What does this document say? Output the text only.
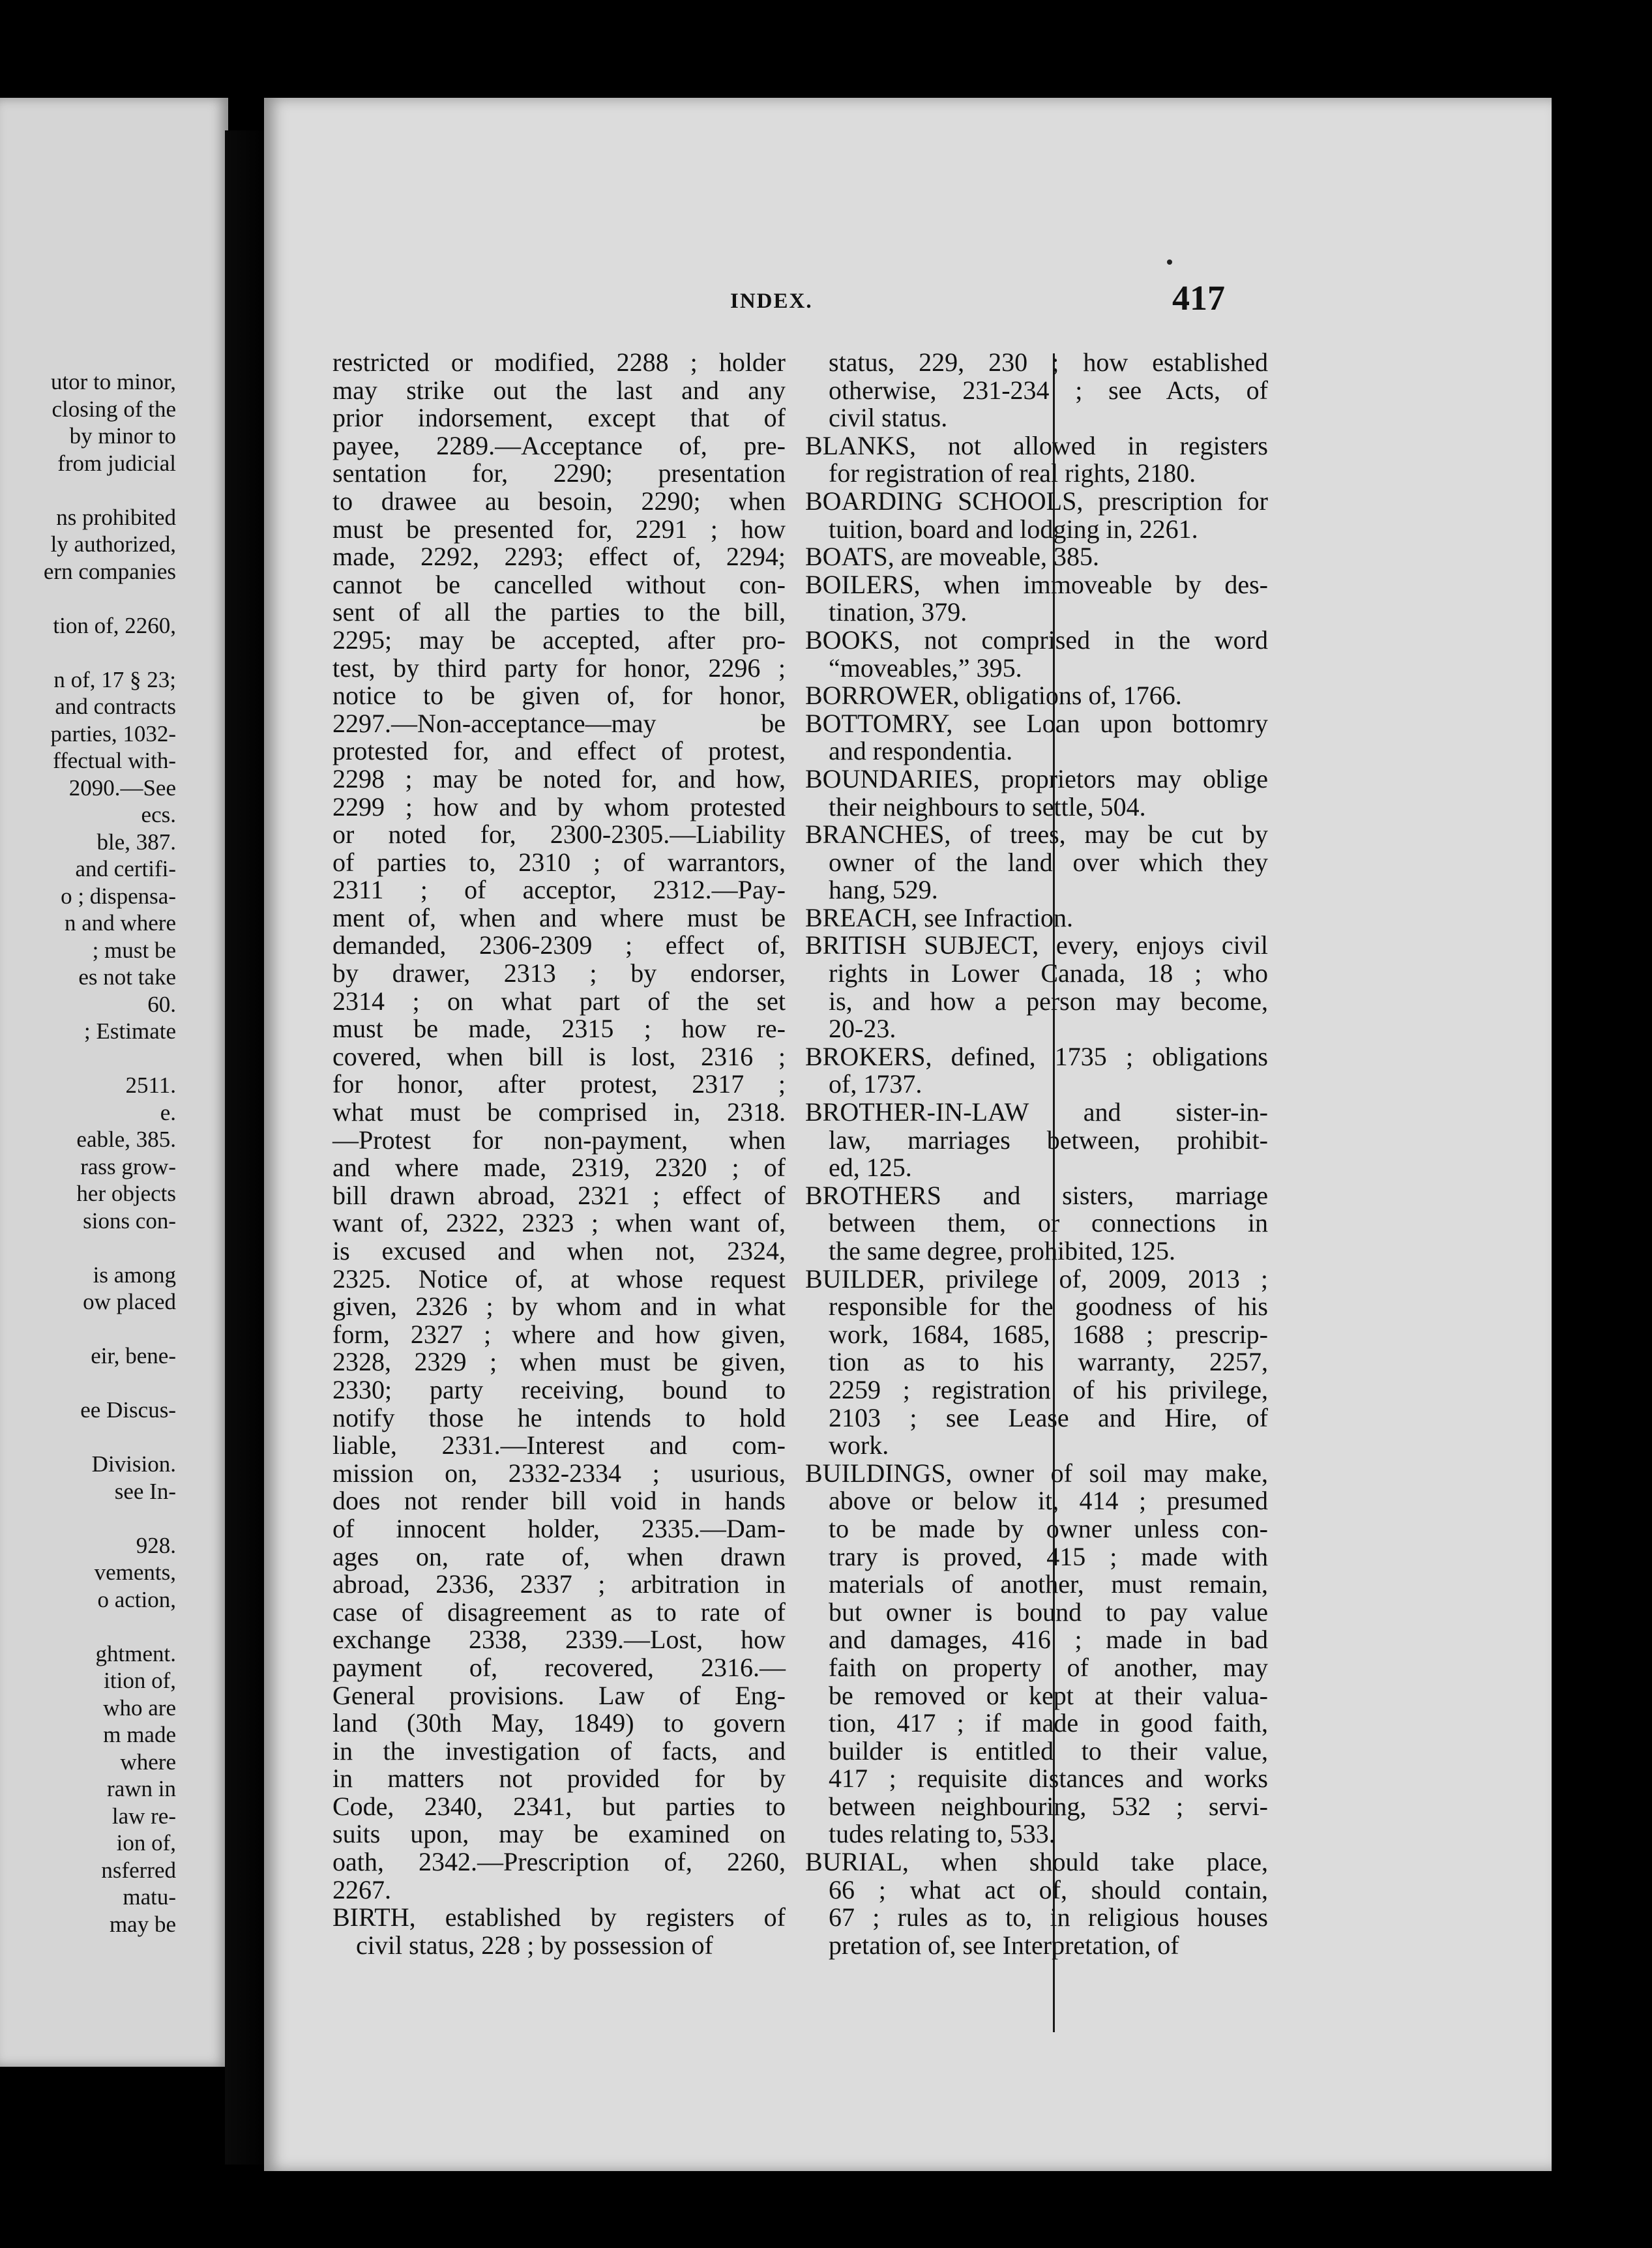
utor to minor,
closing of the
by minor to
from judicial
ns prohibited
ly authorized,
ern companies
tion of, 2260,
n of, 17 § 23;
and contracts
parties, 1032-
ffectual with-
2090.—See
ecs.
ble, 387.
and certifi-
o ; dispensa-
n and where
; must be
es not take
60.
; Estimate
2511.
e.
eable, 385.
rass grow-
her objects
sions con-
is among
ow placed
eir, bene-
ee Discus-
Division.
see In-
928.
vements,
o action,
ghtment.
ition of,
who are
m made
where
rawn in
law re-
ion of,
nsferred
matu-
may be
INDEX.	417
restricted or modified, 2288 ; holder
may strike out the last and any
prior indorsement, except that of
payee, 2289.—Acceptance of, pre-
sentation for, 2290; presentation
to drawee au besoin, 2290; when
must be presented for, 2291 ; how
made, 2292, 2293; effect of, 2294;
cannot be cancelled without con-
sent of all the parties to the bill,
2295; may be accepted, after pro-
test, by third party for honor, 2296 ;
notice to be given of, for honor,
2297.—Non-acceptance—may be
protested for, and effect of protest,
2298 ; may be noted for, and how,
2299 ; how and by whom protested
or noted for, 2300-2305.—Liability
of parties to, 2310 ; of warrantors,
2311 ; of acceptor, 2312.—Pay-
ment of, when and where must be
demanded, 2306-2309 ; effect of,
by drawer, 2313 ; by endorser,
2314 ; on what part of the set
must be made, 2315 ; how re-
covered, when bill is lost, 2316 ;
for honor, after protest, 2317 ;
what must be comprised in, 2318.
—Protest for non-payment, when
and where made, 2319, 2320 ; of
bill drawn abroad, 2321 ; effect of
want of, 2322, 2323 ; when want of,
is excused and when not, 2324,
2325. Notice of, at whose request
given, 2326 ; by whom and in what
form, 2327 ; where and how given,
2328, 2329 ; when must be given,
2330; party receiving, bound to
notify those he intends to hold
liable, 2331.—Interest and com-
mission on, 2332-2334 ; usurious,
does not render bill void in hands
of innocent holder, 2335.—Dam-
ages on, rate of, when drawn
abroad, 2336, 2337 ; arbitration in
case of disagreement as to rate of
exchange 2338, 2339.—Lost, how
payment of, recovered, 2316.—
General provisions. Law of Eng-
land (30th May, 1849) to govern
in the investigation of facts, and
in matters not provided for by
Code, 2340, 2341, but parties to
suits upon, may be examined on
oath, 2342.—Prescription of, 2260,
2267.
BIRTH, established by registers of
civil status, 228 ; by possession of
status, 229, 230 ; how established
otherwise, 231-234 ; see Acts, of
civil status.
BLANKS, not allowed in registers
for registration of real rights, 2180.
BOARDING SCHOOLS, prescription for
tuition, board and lodging in, 2261.
BOATS, are moveable, 385.
BOILERS, when immoveable by des-
tination, 379.
BOOKS, not comprised in the word
“moveables,” 395.
BORROWER, obligations of, 1766.
BOTTOMRY, see Loan upon bottomry
and respondentia.
BOUNDARIES, proprietors may oblige
their neighbours to settle, 504.
BRANCHES, of trees, may be cut by
owner of the land over which they
hang, 529.
BREACH, see Infraction.
BRITISH SUBJECT, every, enjoys civil
rights in Lower Canada, 18 ; who
is, and how a person may become,
20-23.
BROKERS, defined, 1735 ; obligations
of, 1737.
BROTHER-IN-LAW and sister-in-
law, marriages between, prohibit-
ed, 125.
BROTHERS and sisters, marriage
between them, or connections in
the same degree, prohibited, 125.
BUILDER, privilege of, 2009, 2013 ;
responsible for the goodness of his
work, 1684, 1685, 1688 ; prescrip-
tion as to his warranty, 2257,
2259 ; registration of his privilege,
2103 ; see Lease and Hire, of
work.
BUILDINGS, owner of soil may make,
above or below it, 414 ; presumed
to be made by owner unless con-
trary is proved, 415 ; made with
materials of another, must remain,
but owner is bound to pay value
and damages, 416 ; made in bad
faith on property of another, may
be removed or kept at their valua-
tion, 417 ; if made in good faith,
builder is entitled to their value,
417 ; requisite distances and works
between neighbouring, 532 ; servi-
tudes relating to, 533.
BURIAL, when should take place,
66 ; what act of, should contain,
67 ; rules as to, in religious houses
pretation of, see Interpretation, of
